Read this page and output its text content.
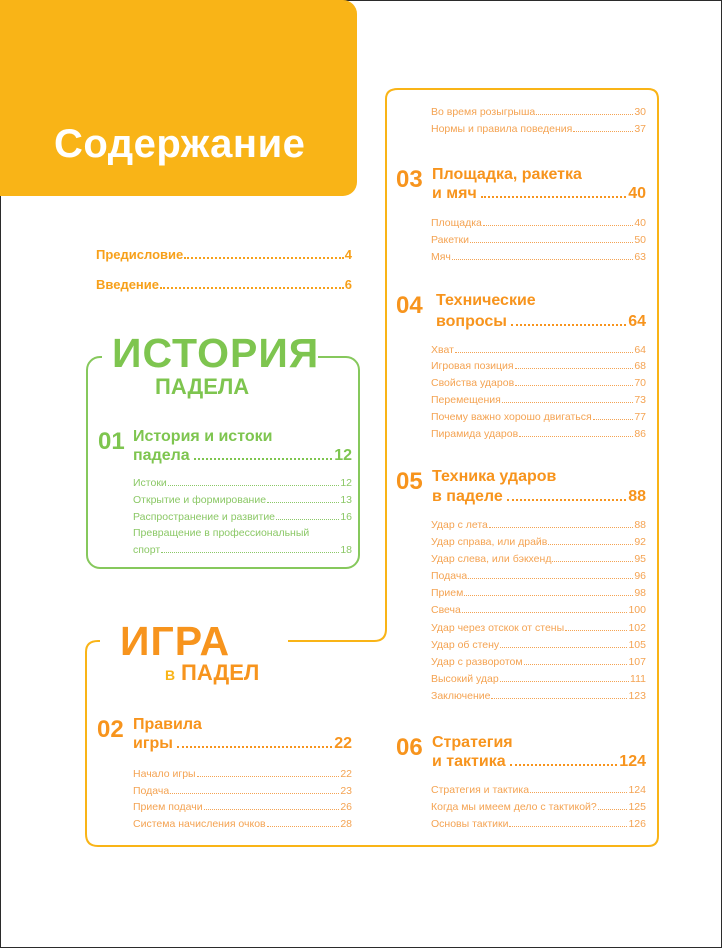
Содержание
Предисловие	4
Введение	6
ИГРА
В ПАДЕЛ
ИСТОРИЯ
ПАДЕЛА
01 История и истоки
падела	12
Истоки	12
Открытие и формирование	13
Распространение и развитие	16
Превращение в профессиональный
спорт	18
02 Правила
игры	22
Начало игры	22
Подача	23
Прием подачи	26
Система начисления очков	28
Во время розыгрыша	30
Нормы и правила поведения	37
03 Площадка, ракетка
и мяч	40
Площадка	40
Ракетки	50
Мяч	63
04 Технические
вопросы	64
Хват	64
Игровая позиция	68
Свойства ударов	70
Перемещения	73
Почему важно хорошо двигаться	77
Пирамида ударов	86
05 Техника ударов
в паделе	88
Удар с лета	88
Удар справа, или драйв	92
Удар слева, или бэкхенд	95
Подача	96
Прием	98
Свеча	100
Удар через отскок от стены	102
Удар об стену	105
Удар с разворотом	107
Высокий удар	111
Заключение	123
06 Стратегия
и тактика	124
Стратегия и тактика	124
Когда мы имеем дело с тактикой?	125
Основы тактики	126
